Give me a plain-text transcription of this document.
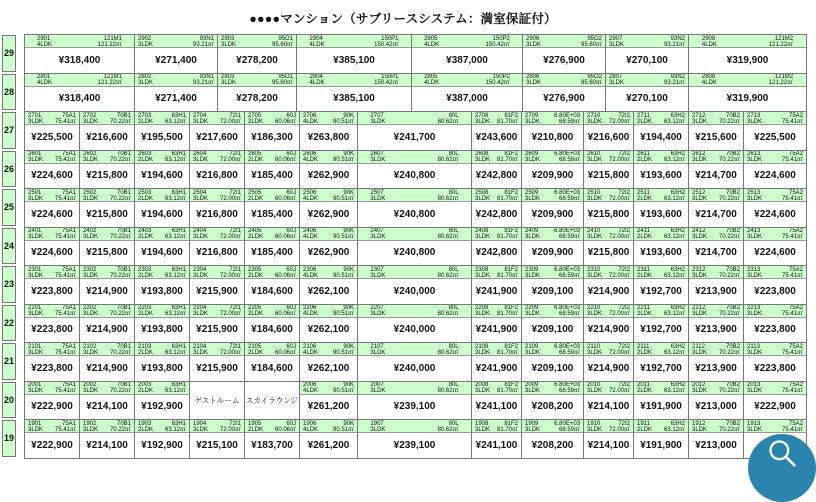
●●●●マンション（サブリースシステム：満室保証付）
29
2901
4LDK
121M1
121.22㎡
¥318,400
2902
3LDK
93N1
93.21㎡
¥271,400
2903
3LDK
95O1
95.60㎡
¥278,200
2904
4LDK
150P1
150.42㎡
¥385,100
2905
4LDK
150P2
150.42㎡
¥387,000
2906
3LDK
95O2
95.60㎡
¥276,900
2907
3LDK
93N2
93.21㎡
¥270,100
2908
4LDK
121M2
121.22㎡
¥319,900
28
2801
4LDK
121M1
121.22㎡
¥318,400
2802
3LDK
93N1
93.21㎡
¥271,400
2803
3LDK
95O1
95.60㎡
¥278,200
2804
4LDK
150P1
150.42㎡
¥385,100
2805
4LDK
150P2
150.42㎡
¥387,000
2806
3LDK
95O2
95.60㎡
¥276,900
2807
3LDK
93N2
93.21㎡
¥270,100
2808
4LDK
121M2
121.22㎡
¥319,900
27
2701
3LDK
75A1
75.41㎡
¥225,500
2702
3LDK
70B1
70.22㎡
¥216,600
2703
2LDK
63H1
63.12㎡
¥195,500
2704
3LDK
72I1
72.00㎡
¥217,600
2705
2LDK
60J
60.06㎡
¥186,300
2706
4LDK
90K
90.51㎡
¥263,800
2707
3LDK
80L
80.62㎡
¥241,700
2708
3LDK
81F2
81.70㎡
¥243,600
2709
3LDK
6.80E+03
68.59㎡
¥210,800
2710
3LDK
72I2
72.00㎡
¥216,600
2711
2LDK
63H2
63.12㎡
¥194,400
2712
3LDK
70B2
70.22㎡
¥215,600
2713
3LDK
75A2
75.41㎡
¥225,500
26
2601
3LDK
75A1
75.41㎡
¥224,600
2602
3LDK
70B1
70.22㎡
¥215,800
2603
2LDK
63H1
63.12㎡
¥194,600
2604
3LDK
72I1
72.00㎡
¥216,800
2605
2LDK
60J
60.06㎡
¥185,400
2606
4LDK
90K
90.51㎡
¥262,900
2607
3LDK
80L
80.62㎡
¥240,800
2608
3LDK
81F2
81.70㎡
¥242,800
2609
3LDK
6.80E+03
68.59㎡
¥209,900
2610
3LDK
72I2
72.00㎡
¥215,800
2611
2LDK
63H2
63.12㎡
¥193,600
2612
3LDK
70B2
70.22㎡
¥214,700
2613
3LDK
75A2
75.41㎡
¥224,600
25
2501
3LDK
75A1
75.41㎡
¥224,600
2502
3LDK
70B1
70.22㎡
¥215,800
2503
2LDK
63H1
63.12㎡
¥194,600
2504
3LDK
72I1
72.00㎡
¥216,800
2505
2LDK
60J
60.06㎡
¥185,400
2506
4LDK
90K
90.51㎡
¥262,900
2507
3LDK
80L
80.62㎡
¥240,800
2508
3LDK
81F2
81.70㎡
¥242,800
2509
3LDK
6.80E+03
68.59㎡
¥209,900
2510
3LDK
72I2
72.00㎡
¥215,800
2511
2LDK
63H2
63.12㎡
¥193,600
2512
3LDK
70B2
70.22㎡
¥214,700
2513
3LDK
75A2
75.41㎡
¥224,600
24
2401
3LDK
75A1
75.41㎡
¥224,600
2402
3LDK
70B1
70.22㎡
¥215,800
2403
2LDK
63H1
63.12㎡
¥194,600
2404
3LDK
72I1
72.00㎡
¥216,800
2405
2LDK
60J
60.06㎡
¥185,400
2406
4LDK
90K
90.51㎡
¥262,900
2407
3LDK
80L
80.62㎡
¥240,800
2408
3LDK
81F2
81.70㎡
¥242,800
2409
3LDK
6.80E+03
68.59㎡
¥209,900
2410
3LDK
72I2
72.00㎡
¥215,800
2411
2LDK
63H2
63.12㎡
¥193,600
2412
3LDK
70B2
70.22㎡
¥214,700
2413
3LDK
75A2
75.41㎡
¥224,600
23
2301
3LDK
75A1
75.41㎡
¥223,800
2302
3LDK
70B1
70.22㎡
¥214,900
2303
2LDK
63H1
63.12㎡
¥193,800
2304
3LDK
72I1
72.00㎡
¥215,900
2305
2LDK
60J
60.06㎡
¥184,600
2306
4LDK
90K
90.51㎡
¥262,100
2307
3LDK
80L
80.62㎡
¥240,000
2308
3LDK
81F2
81.70㎡
¥241,900
2309
3LDK
6.80E+03
68.59㎡
¥209,100
2310
3LDK
72I2
72.00㎡
¥214,900
2311
2LDK
63H2
63.12㎡
¥192,700
2312
3LDK
70B2
70.22㎡
¥213,900
2313
3LDK
75A2
75.41㎡
¥223,800
22
2201
3LDK
75A1
75.41㎡
¥223,800
2202
3LDK
70B1
70.22㎡
¥214,900
2203
2LDK
63H1
63.12㎡
¥193,800
2204
3LDK
72I1
72.00㎡
¥215,900
2205
2LDK
60J
60.06㎡
¥184,600
2206
4LDK
90K
90.51㎡
¥262,100
2207
3LDK
80L
80.62㎡
¥240,000
2208
3LDK
81F2
81.70㎡
¥241,900
2209
3LDK
6.80E+03
68.59㎡
¥209,100
2210
3LDK
72I2
72.00㎡
¥214,900
2211
2LDK
63H2
63.12㎡
¥192,700
2212
3LDK
70B2
70.22㎡
¥213,900
2213
3LDK
75A2
75.41㎡
¥223,800
21
2101
3LDK
75A1
75.41㎡
¥223,800
2102
3LDK
70B1
70.22㎡
¥214,900
2103
2LDK
63H1
63.12㎡
¥193,800
2104
3LDK
72I1
72.00㎡
¥215,900
2105
2LDK
60J
60.06㎡
¥184,600
2106
4LDK
90K
90.51㎡
¥262,100
2107
3LDK
80L
80.62㎡
¥240,000
2108
3LDK
81F2
81.70㎡
¥241,900
2109
3LDK
6.80E+03
68.59㎡
¥209,100
2110
3LDK
72I2
72.00㎡
¥214,900
2111
2LDK
63H2
63.12㎡
¥192,700
2112
3LDK
70B2
70.22㎡
¥213,900
2113
3LDK
75A2
75.41㎡
¥223,800
20
2001
3LDK
75A1
75.41㎡
¥222,900
2002
3LDK
70B1
70.22㎡
¥214,100
2003
2LDK
63H1
63.12㎡
¥192,900
ゲストルーム スカイラウンジ
2006
4LDK
90K
90.51㎡
¥261,200
2007
3LDK
80L
80.62㎡
¥239,100
2008
3LDK
81F2
81.70㎡
¥241,100
2009
3LDK
6.80E+03
68.59㎡
¥208,200
2010
3LDK
72I2
72.00㎡
¥214,100
2011
2LDK
63H2
63.12㎡
¥191,900
2012
3LDK
70B2
70.22㎡
¥213,000
2013
3LDK
75A2
75.41㎡
¥222,900
19
1901
3LDK
75A1
75.41㎡
¥222,900
1902
3LDK
70B1
70.22㎡
¥214,100
1903
2LDK
63H1
63.12㎡
¥192,900
1904
3LDK
72I1
72.00㎡
¥215,100
1905
2LDK
60J
60.06㎡
¥183,700
1906
4LDK
90K
90.51㎡
¥261,200
1907
3LDK
80L
80.62㎡
¥239,100
1908
3LDK
81F2
81.70㎡
¥241,100
1909
3LDK
6.80E+03
68.59㎡
¥208,200
1910
3LDK
72I2
72.00㎡
¥214,100
1911
2LDK
63H2
63.12㎡
¥191,900
1912
3LDK
70B2
70.22㎡
¥213,000
1913
3LDK
75A2
75.41㎡
